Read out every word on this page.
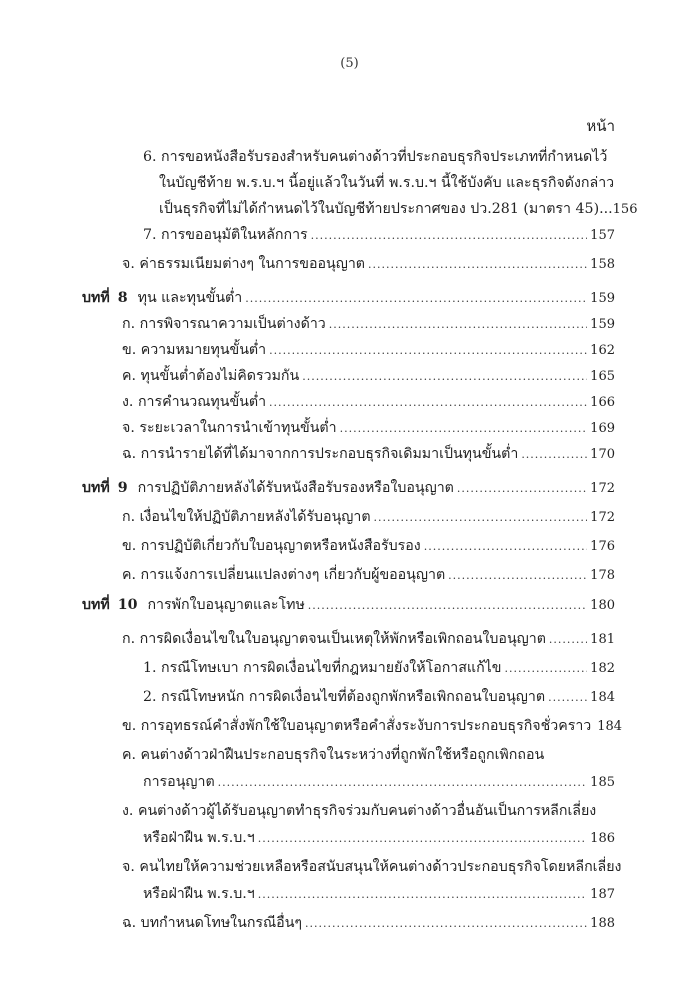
(5)
หน้า
6. การขอหนังสือรับรองสำหรับคนต่างด้าวที่ประกอบธุรกิจประเภทที่กำหนดไว้
ในบัญชีท้าย พ.ร.บ.ฯ นี้อยู่แล้วในวันที่ พ.ร.บ.ฯ นี้ใช้บังคับ และธุรกิจดังกล่าว
เป็นธุรกิจที่ไม่ได้กำหนดไว้ในบัญชีท้ายประกาศของ ปว.281 (มาตรา 45)... 156
7. การขออนุมัติในหลักการ .....	157
จ. ค่าธรรมเนียมต่างๆ ในการขออนุญาต .....	158
บทที่ 8 ทุน และทุนขั้นต่ำ .....	159
ก. การพิจารณาความเป็นต่างด้าว .....	159
ข. ความหมายทุนขั้นต่ำ .....	162
ค. ทุนขั้นต่ำต้องไม่คิดรวมกัน .....	165
ง. การคำนวณทุนขั้นต่ำ .....	166
จ. ระยะเวลาในการนำเข้าทุนขั้นต่ำ .....	169
ฉ. การนำรายได้ที่ได้มาจากการประกอบธุรกิจเดิมมาเป็นทุนขั้นต่ำ .....	170
บทที่ 9 การปฏิบัติภายหลังได้รับหนังสือรับรองหรือใบอนุญาต .....	172
ก. เงื่อนไขให้ปฏิบัติภายหลังได้รับอนุญาต .....	172
ข. การปฏิบัติเกี่ยวกับใบอนุญาตหรือหนังสือรับรอง .....	176
ค. การแจ้งการเปลี่ยนแปลงต่างๆ เกี่ยวกับผู้ขออนุญาต .....	178
บทที่ 10 การพักใบอนุญาตและโทษ .....	180
ก. การผิดเงื่อนไขในใบอนุญาตจนเป็นเหตุให้พักหรือเพิกถอนใบอนุญาต .....	181
1. กรณีโทษเบา การผิดเงื่อนไขที่กฎหมายยังให้โอกาสแก้ไข .....	182
2. กรณีโทษหนัก การผิดเงื่อนไขที่ต้องถูกพักหรือเพิกถอนใบอนุญาต .....	184
ข. การอุทธรณ์คำสั่งพักใช้ใบอนุญาตหรือคำสั่งระงับการประกอบธุรกิจชั่วคราว 184
ค. คนต่างด้าวฝ่าฝืนประกอบธุรกิจในระหว่างที่ถูกพักใช้หรือถูกเพิกถอน
การอนุญาต .....	185
ง. คนต่างด้าวผู้ได้รับอนุญาตทำธุรกิจร่วมกับคนต่างด้าวอื่นอันเป็นการหลีกเลี่ยง
หรือฝ่าฝืน พ.ร.บ.ฯ .....	186
จ. คนไทยให้ความช่วยเหลือหรือสนับสนุนให้คนต่างด้าวประกอบธุรกิจโดยหลีกเลี่ยง
หรือฝ่าฝืน พ.ร.บ.ฯ .....	187
ฉ. บทกำหนดโทษในกรณีอื่นๆ .....	188
